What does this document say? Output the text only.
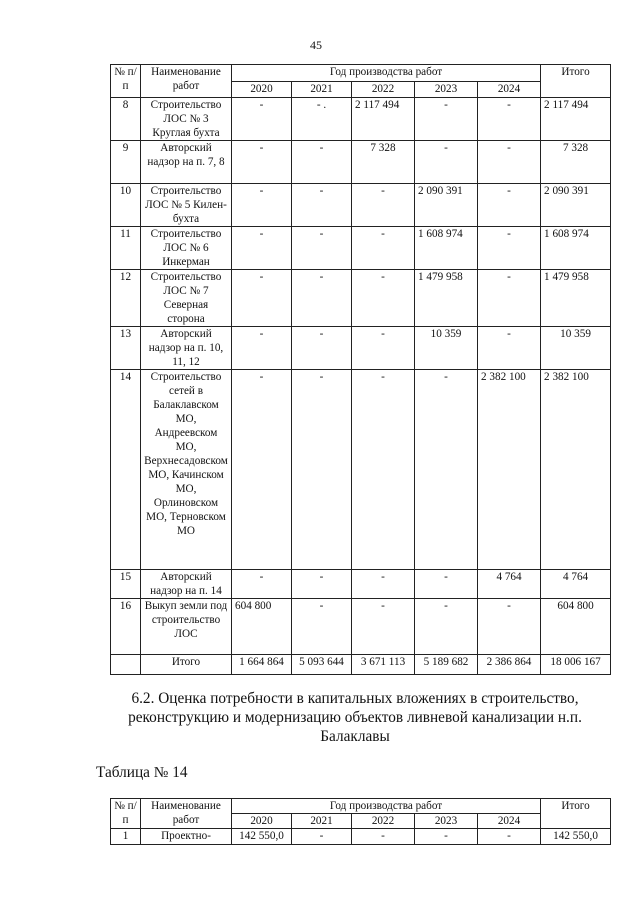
45
№ п/п	Наименование работ	Год производства работ					Итого
		2020	2021	2022	2023	2024	
8	Строительство ЛОС № 3 Круглая бухта	-	- .	2 117 494	-	-	2 117 494
9	Авторский надзор на п. 7, 8	-	-	7 328	-	-	7 328
10	Строительство ЛОС № 5 Килен-бухта	-	-	-	2 090 391	-	2 090 391
11	Строительство ЛОС № 6 Инкерман	-	-	-	1 608 974	-	1 608 974
12	Строительство ЛОС № 7 Северная сторона	-	-	-	1 479 958	-	1 479 958
13	Авторский надзор на п. 10, 11, 12	-	-	-	10 359	-	10 359
14	Строительство сетей в Балаклавском МО, Андреевском МО, Верхнесадовском МО, Качинском МО, Орлиновском МО, Терновском МО	-	-	-	-	2 382 100	2 382 100
15	Авторский надзор на п. 14	-	-	-	-	4 764	4 764
16	Выкуп земли под строительство ЛОС	604 800	-	-	-	-	604 800
	Итого	1 664 864	5 093 644	3 671 113	5 189 682	2 386 864	18 006 167
6.2. Оценка потребности в капитальных вложениях в строительство, реконструкцию и модернизацию объектов ливневой канализации н.п. Балаклавы
Таблица № 14
№ п/п	Наименование работ	Год производства работ					Итого
		2020	2021	2022	2023	2024	
1	Проектно-	142 550,0	-	-	-	-	142 550,0
